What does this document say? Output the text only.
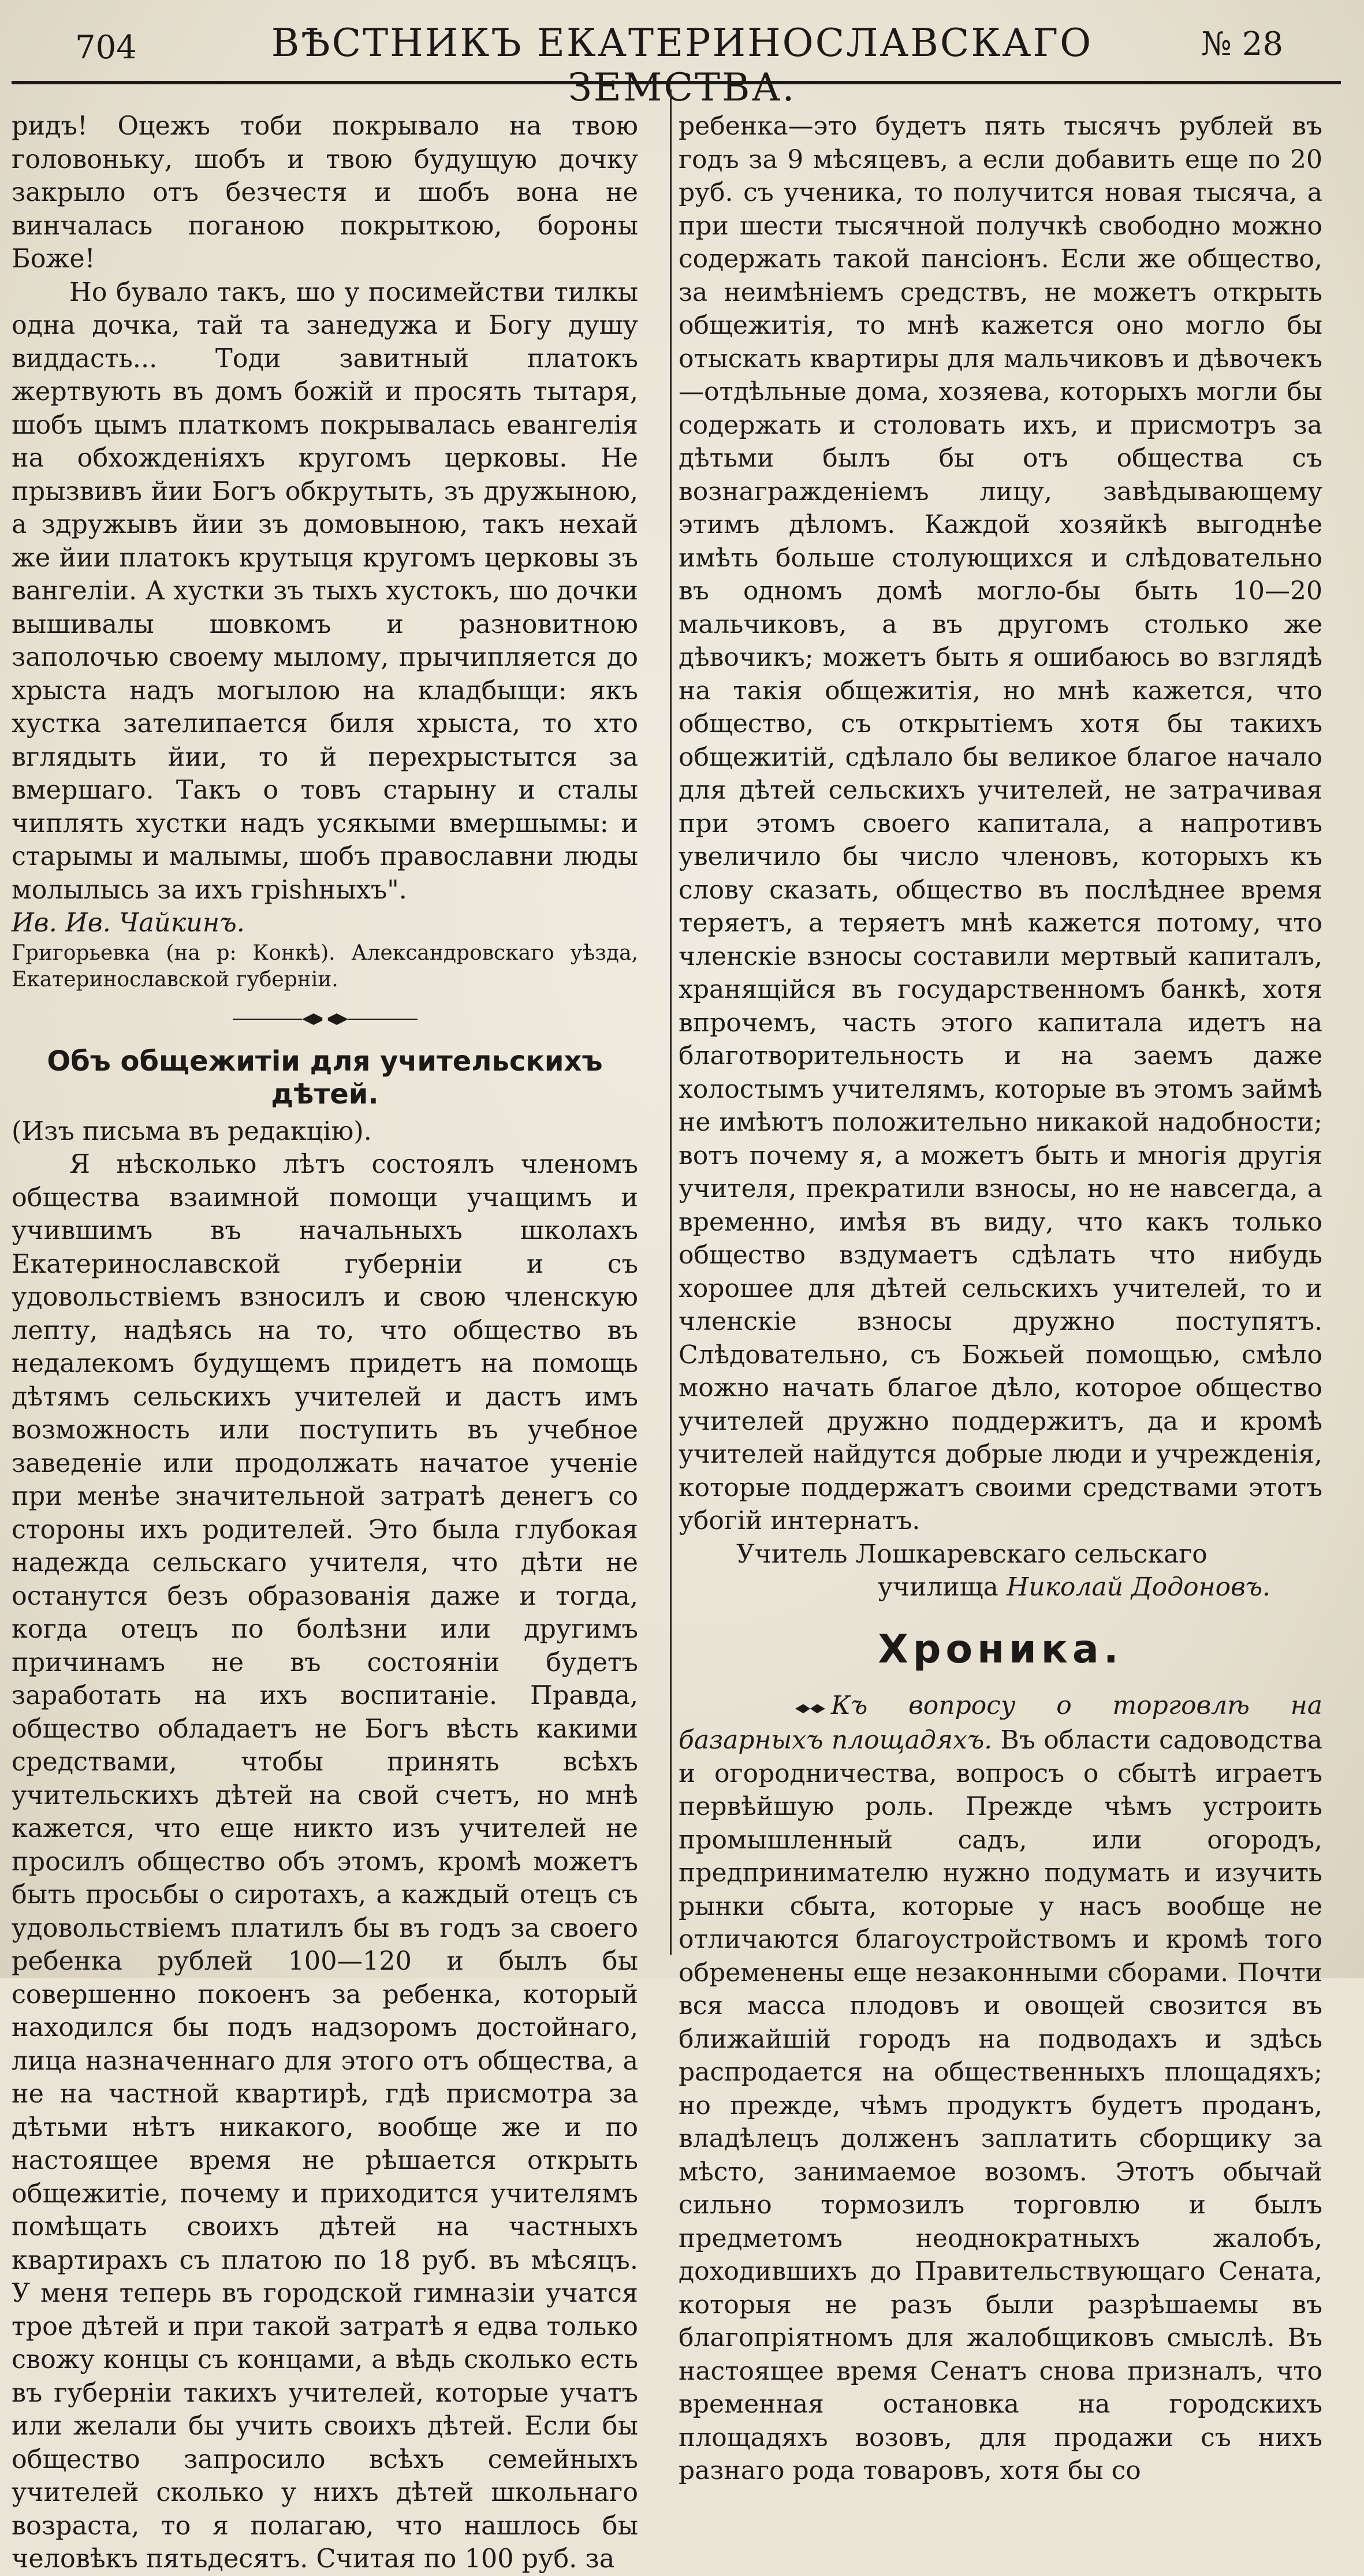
704	ВѢСТНИКЪ ЕКАТЕРИНОСЛАВСКАГО ЗЕМСТВА.
№ 28

ридъ! Оцежъ тоби покрывало на твою головоньку, шобъ и твою будущую дочку закрыло отъ безчестя и шобъ вона не винчалась поганою покрыткою, бороны Боже!

Но бувало такъ, шо у посимействи тилкы одна дочка, тай та занедужа и Богу душу виддасть... Тоди завитный платокъ жертвують въ домъ божій и просять тытаря, шобъ цымъ платкомъ покрывалась евангелія на обхожденіяхъ кругомъ церковы. Не прызвивъ йии Богъ обкрутыть, зъ дружыною, а здружывъ йии зъ домовыною, такъ нехай же йии платокъ крутыця кругомъ церковы зъ вангеліи. А хустки зъ тыхъ хустокъ, шо дочки вышивалы шовкомъ и разновитною заполочью своему мылому, прычипляется до хрыста надъ могылою на кладбыщи: якъ хустка зателипается биля хрыста, то хто вглядыть йии, то й перехрыстытся за вмершаго. Такъ о товъ старыну и сталы чиплять хустки надъ усякыми вмершымы: и старымы и малымы, шобъ православни люды молылысь за ихъ грishныхъ".

Ив. Ив. Чайкинъ.

Григорьевка (на р: Конкѣ). Александровскаго уѣзда, Екатеринославской губерніи.

Объ общежитіи для учительскихъ дѣтей.

(Изъ письма въ редакцію).

Я нѣсколько лѣтъ состоялъ членомъ общества взаимной помощи учащимъ и учившимъ въ начальныхъ школахъ Екатеринославской губерніи и съ удовольствіемъ взносилъ и свою членскую лепту, надѣясь на то, что общество въ недалекомъ будущемъ придетъ на помощь дѣтямъ сельскихъ учителей и дастъ имъ возможность или поступить въ учебное заведеніе или продолжать начатое ученіе при менѣе значительной затратѣ денегъ со стороны ихъ родителей. Это была глубокая надежда сельскаго учителя, что дѣти не останутся безъ образованія даже и тогда, когда отецъ по болѣзни или другимъ причинамъ не въ состояніи будетъ заработать на ихъ воспитаніе. Правда, общество обладаетъ не Богъ вѣсть какими средствами, чтобы принять всѣхъ учительскихъ дѣтей на свой счетъ, но мнѣ кажется, что еще никто изъ учителей не просилъ общество объ этомъ, кромѣ можетъ быть просьбы о сиротахъ, а каждый отецъ съ удовольствіемъ платилъ бы въ годъ за своего ребенка рублей 100—120 и былъ бы совершенно покоенъ за ребенка, который находился бы подъ надзоромъ достойнаго, лица назначеннаго для этого отъ общества, а не на частной квартирѣ, гдѣ присмотра за дѣтьми нѣтъ никакого, вообще же и по настоящее время не рѣшается открыть общежитіе, почему и приходится учителямъ помѣщать своихъ дѣтей на частныхъ квартирахъ съ платою по 18 руб. въ мѣсяцъ. У меня теперь въ городской гимназіи учатся трое дѣтей и при такой затратѣ я едва только свожу концы съ концами, а вѣдь сколько есть въ губерніи такихъ учителей, которые учатъ или желали бы учить своихъ дѣтей. Если бы общество запросило всѣхъ семейныхъ учителей сколько у нихъ дѣтей школьнаго возраста, то я полагаю, что нашлось бы человѣкъ пятьдесятъ. Считая по 100 руб. за

ребенка—это будетъ пять тысячъ рублей въ годъ за 9 мѣсяцевъ, а если добавить еще по 20 руб. съ ученика, то получится новая тысяча, а при шести тысячной получкѣ свободно можно содержать такой пансіонъ. Если же общество, за неимѣніемъ средствъ, не можетъ открыть общежитія, то мнѣ кажется оно могло бы отыскать квартиры для мальчиковъ и дѣвочекъ—отдѣльные дома, хозяева, которыхъ могли бы содержать и столовать ихъ, и присмотръ за дѣтьми былъ бы отъ общества съ вознагражденіемъ лицу, завѣдывающему этимъ дѣломъ. Каждой хозяйкѣ выгоднѣе имѣть больше столующихся и слѣдовательно въ одномъ домѣ могло-бы быть 10—20 мальчиковъ, а въ другомъ столько же дѣвочикъ; можетъ быть я ошибаюсь во взглядѣ на такія общежитія, но мнѣ кажется, что общество, съ открытіемъ хотя бы такихъ общежитій, сдѣлало бы великое благое начало для дѣтей сельскихъ учителей, не затрачивая при этомъ своего капитала, а напротивъ увеличило бы число членовъ, которыхъ къ слову сказать, общество въ послѣднее время теряетъ, а теряетъ мнѣ кажется потому, что членскіе взносы составили мертвый капиталъ, хранящійся въ государственномъ банкѣ, хотя впрочемъ, часть этого капитала идетъ на благотворительность и на заемъ даже холостымъ учителямъ, которые въ этомъ займѣ не имѣютъ положительно никакой надобности; вотъ почему я, а можетъ быть и многія другія учителя, прекратили взносы, но не навсегда, а временно, имѣя въ виду, что какъ только общество вздумаетъ сдѣлать что нибудь хорошее для дѣтей сельскихъ учителей, то и членскіе взносы дружно поступятъ. Слѣдовательно, съ Божьей помощью, смѣло можно начать благое дѣло, которое общество учителей дружно поддержитъ, да и кромѣ учителей найдутся добрые люди и учрежденія, которые поддержатъ своими средствами этотъ убогій интернатъ.

Учитель Лошкаревскаго сельскаго

училища Николай Додоновъ.

Хроника.

Къ вопросу о торговлѣ на базарныхъ площадяхъ. Въ области садоводства и огородничества, вопросъ о сбытѣ играетъ первѣйшую роль. Прежде чѣмъ устроить промышленный садъ, или огородъ, предпринимателю нужно подумать и изучить рынки сбыта, которые у насъ вообще не отличаются благоустройствомъ и кромѣ того обременены еще незаконными сборами. Почти вся масса плодовъ и овощей свозится въ ближайшій городъ на подводахъ и здѣсь распродается на общественныхъ площадяхъ; но прежде, чѣмъ продуктъ будетъ проданъ, владѣлецъ долженъ заплатить сборщику за мѣсто, занимаемое возомъ. Этотъ обычай сильно тормозилъ торговлю и былъ предметомъ неоднократныхъ жалобъ, доходившихъ до Правительствующаго Сената, которыя не разъ были разрѣшаемы въ благопріятномъ для жалобщиковъ смыслѣ. Въ настоящее время Сенатъ снова призналъ, что временная остановка на городскихъ площадяхъ возовъ, для продажи съ нихъ разнаго рода товаровъ, хотя бы со
